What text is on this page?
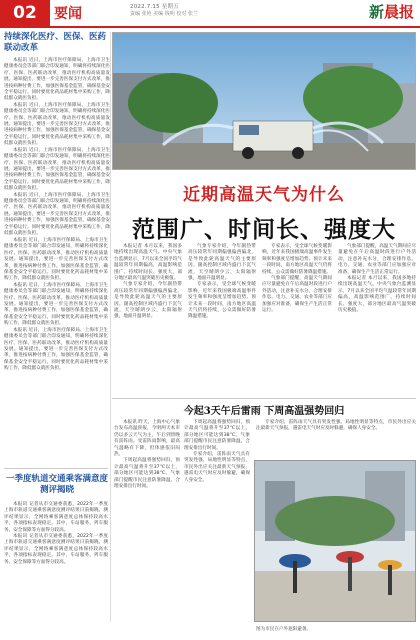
02	要闻	2022.7.15 星期五
责编 张艳 美编 钱明 校对 张兰	新晨报
持续深化医疗、医保、医药联动改革

本报讯 近日，上海市医疗保障局、上海市卫生健康委员会等部门联合印发通知，明确将持续深化医疗、医保、医药联动改革，推动医疗机构高质量发展。通知提出，要进一步完善医保支付方式改革，推进按病种付费工作，加强医保基金监管，确保基金安全平稳运行。同时要优化药品耗材集中采购工作，降低群众就医负担。

本报讯 近日，上海市医疗保障局、上海市卫生健康委员会等部门联合印发通知，明确将持续深化医疗、医保、医药联动改革，推动医疗机构高质量发展。通知提出，要进一步完善医保支付方式改革，推进按病种付费工作，加强医保基金监管，确保基金安全平稳运行。同时要优化药品耗材集中采购工作，降低群众就医负担。

本报讯 近日，上海市医疗保障局、上海市卫生健康委员会等部门联合印发通知，明确将持续深化医疗、医保、医药联动改革，推动医疗机构高质量发展。通知提出，要进一步完善医保支付方式改革，推进按病种付费工作，加强医保基金监管，确保基金安全平稳运行。同时要优化药品耗材集中采购工作，降低群众就医负担。

本报讯 近日，上海市医疗保障局、上海市卫生健康委员会等部门联合印发通知，明确将持续深化医疗、医保、医药联动改革，推动医疗机构高质量发展。通知提出，要进一步完善医保支付方式改革，推进按病种付费工作，加强医保基金监管，确保基金安全平稳运行。同时要优化药品耗材集中采购工作，降低群众就医负担。

近期高温天气为什么
范围广、时间长、强度大

本报记者 本月以来，我国多地持续出现高温天气。中央气象台监测显示，7月以来全国平均气温较常年同期偏高，高温影响范围广、持续时间长、强度大，部分地区最高气温突破历史极值。

气象专家介绍，今年副热带高压较常年同期偏强偏西偏北，是导致此轮高温天气的主要原因。副高控制区域内盛行下沉气流，天空晴朗少云，太阳辐射强，地面升温明显。

气象专家介绍，今年副热带高压较常年同期偏强偏西偏北，是导致此轮高温天气的主要原因。副高控制区域内盛行下沉气流，天空晴朗少云，太阳辐射强，地面升温明显。

专家表示，受全球气候变暖影响，近年来我国极端高温事件发生频率和强度呈增加趋势。预计未来一段时间，南方地区高温天气仍将持续，公众需做好防暑降温措施。

专家表示，受全球气候变暖影响，近年来我国极端高温事件发生频率和强度呈增加趋势。预计未来一段时间，南方地区高温天气仍将持续，公众需做好防暑降温措施。

气象部门提醒，高温天气期间应尽量避免在午后高温时段进行户外活动，注意补充水分，合理安排作息。电力、交通、农业等部门应加强应对准备，确保生产生活正常运行。

气象部门提醒，高温天气期间应尽量避免在午后高温时段进行户外活动，注意补充水分，合理安排作息。电力、交通、农业等部门应加强应对准备，确保生产生活正常运行。

本报记者 本月以来，我国多地持续出现高温天气。中央气象台监测显示，7月以来全国平均气温较常年同期偏高，高温影响范围广、持续时间长、强度大，部分地区最高气温突破历史极值。

今起3天午后雷雨 下周高温强势回归
一季度轨道交通乘客满意度测评揭晓

本报讯 记者从市交通委获悉，2022年一季度上海市轨道交通乘客满意度测评结果日前揭晓。测评结果显示，全网络乘客满意度总体保持较高水平，各项指标表现稳定。其中，车站服务、列车服务、安全保障等方面得分较高。

本报讯 记者从市交通委获悉，2022年一季度上海市轨道交通乘客满意度测评结果日前揭晓。测评结果显示，全网络乘客满意度总体保持较高水平，各项指标表现稳定。其中，车站服务、列车服务、安全保障等方面得分较高。

本报讯 近日，上海市医疗保障局、上海市卫生健康委员会等部门联合印发通知，明确将持续深化医疗、医保、医药联动改革，推动医疗机构高质量发展。通知提出，要进一步完善医保支付方式改革，推进按病种付费工作，加强医保基金监管，确保基金安全平稳运行。同时要优化药品耗材集中采购工作，降低群众就医负担。

本报讯 近日，上海市医疗保障局、上海市卫生健康委员会等部门联合印发通知，明确将持续深化医疗、医保、医药联动改革，推动医疗机构高质量发展。通知提出，要进一步完善医保支付方式改革，推进按病种付费工作，加强医保基金监管，确保基金安全平稳运行。同时要优化药品耗材集中采购工作，降低群众就医负担。

本报讯 近日，上海市医疗保障局、上海市卫生健康委员会等部门联合印发通知，明确将持续深化医疗、医保、医药联动改革，推动医疗机构高质量发展。通知提出，要进一步完善医保支付方式改革，推进按病种付费工作，加强医保基金监管，确保基金安全平稳运行。同时要优化药品耗材集中采购工作，降低群众就医负担。

本报讯 昨天，上海中心气象台发布高温预报，今明两天本市仍以多云天气为主，午后到傍晚有雷阵雨。受雷阵雨影响，最高气温略有下降，但体感依旧闷热。

下周起高温将强势回归，预计最高气温将升至37℃以上，部分地区可能达到38℃。气象部门提醒市民注意防暑降温，合理安排出行时间。

下周起高温将强势回归，预计最高气温将升至37℃以上，部分地区可能达到38℃。气象部门提醒市民注意防暑降温，合理安排出行时间。

专家介绍，雷阵雨天气具有突发性强、局地性明显等特点，市民外出应关注最新天气预报，遇雷电天气时应及时躲避，确保人身安全。

专家介绍，雷阵雨天气具有突发性强、局地性明显等特点，市民外出应关注最新天气预报，遇雷电天气时应及时躲避，确保人身安全。

图为市民在户外遮阳避暑。
